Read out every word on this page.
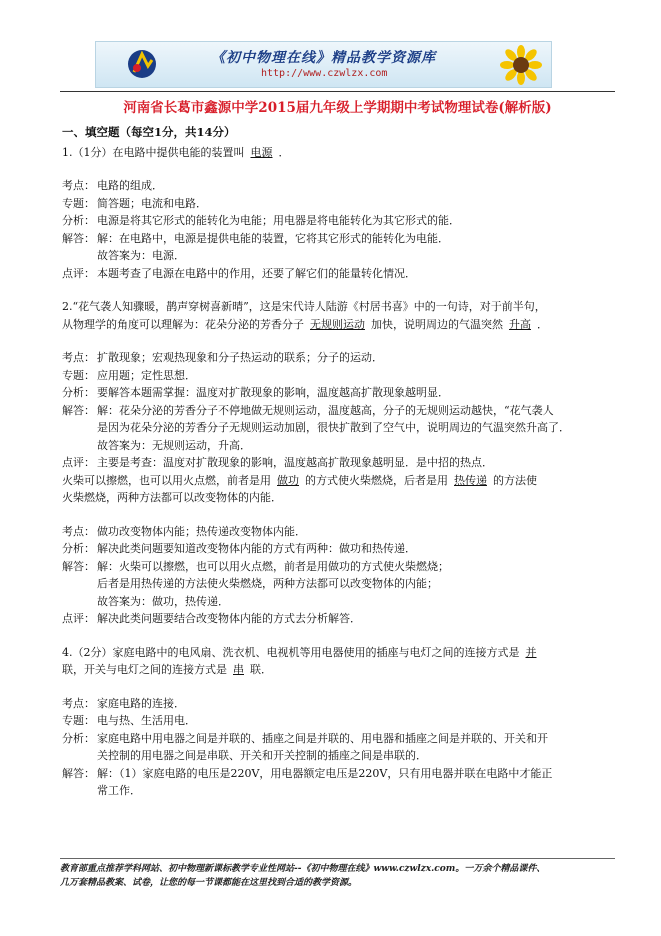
《初中物理在线》精品教学资源库
http://www.czwlzx.com
河南省长葛市鑫源中学2015届九年级上学期期中考试物理试卷(解析版)
一、填空题（每空1分，共14分）
1.（1分）在电路中提供电能的装置叫 电源 ．
考点： 电路的组成．
专题： 简答题；电流和电路．
分析： 电源是将其它形式的能转化为电能；用电器是将电能转化为其它形式的能．
解答： 解：在电路中，电源是提供电能的装置，它将其它形式的能转化为电能．
故答案为：电源．
点评： 本题考查了电源在电路中的作用，还要了解它们的能量转化情况．
2.“花气袭人知骤暖，鹊声穿树喜新晴”，这是宋代诗人陆游《村居书喜》中的一句诗，对于前半句，
从物理学的角度可以理解为：花朵分泌的芳香分子 无规则运动 加快，说明周边的气温突然 升高 ．
考点： 扩散现象；宏观热现象和分子热运动的联系；分子的运动．
专题： 应用题；定性思想．
分析： 要解答本题需掌握：温度对扩散现象的影响，温度越高扩散现象越明显．
解答： 解：花朵分泌的芳香分子不停地做无规则运动，温度越高，分子的无规则运动越快，“花气袭人
是因为花朵分泌的芳香分子无规则运动加剧，很快扩散到了空气中，说明周边的气温突然升高了．
故答案为：无规则运动，升高．
点评： 主要是考查：温度对扩散现象的影响，温度越高扩散现象越明显．是中招的热点．
火柴可以擦燃，也可以用火点燃，前者是用 做功 的方式使火柴燃烧，后者是用 热传递 的方法使
火柴燃烧，两种方法都可以改变物体的内能．
考点： 做功改变物体内能；热传递改变物体内能．
分析： 解决此类问题要知道改变物体内能的方式有两种：做功和热传递．
解答： 解：火柴可以擦燃，也可以用火点燃，前者是用做功的方式使火柴燃烧；
后者是用热传递的方法使火柴燃烧，两种方法都可以改变物体的内能；
故答案为：做功，热传递．
点评： 解决此类问题要结合改变物体内能的方式去分析解答．
4.（2分）家庭电路中的电风扇、洗衣机、电视机等用电器使用的插座与电灯之间的连接方式是 并
联，开关与电灯之间的连接方式是 串 联．
考点： 家庭电路的连接．
专题： 电与热、生活用电．
分析： 家庭电路中用电器之间是并联的、插座之间是并联的、用电器和插座之间是并联的、开关和开
关控制的用电器之间是串联、开关和开关控制的插座之间是串联的．
解答： 解：（1）家庭电路的电压是220V，用电器额定电压是220V，只有用电器并联在电路中才能正
常工作．
教育部重点推荐学科网站、初中物理新课标教学专业性网站--《初中物理在线》www.czwlzx.com。一万余个精品课件、
几万套精品教案、试卷，让您的每一节课都能在这里找到合适的教学资源。
